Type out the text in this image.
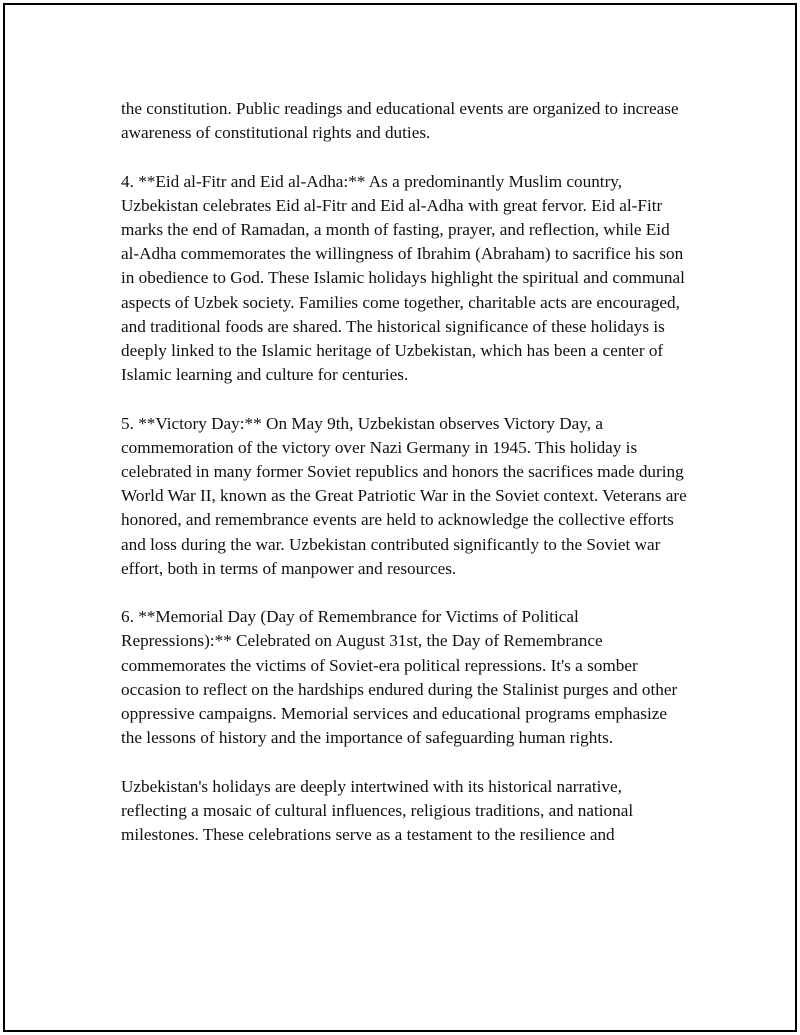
the constitution. Public readings and educational events are organized to increase awareness of constitutional rights and duties.

4. **Eid al-Fitr and Eid al-Adha:** As a predominantly Muslim country, Uzbekistan celebrates Eid al-Fitr and Eid al-Adha with great fervor. Eid al-Fitr marks the end of Ramadan, a month of fasting, prayer, and reflection, while Eid al-Adha commemorates the willingness of Ibrahim (Abraham) to sacrifice his son in obedience to God. These Islamic holidays highlight the spiritual and communal aspects of Uzbek society. Families come together, charitable acts are encouraged, and traditional foods are shared. The historical significance of these holidays is deeply linked to the Islamic heritage of Uzbekistan, which has been a center of Islamic learning and culture for centuries.

5. **Victory Day:** On May 9th, Uzbekistan observes Victory Day, a commemoration of the victory over Nazi Germany in 1945. This holiday is celebrated in many former Soviet republics and honors the sacrifices made during World War II, known as the Great Patriotic War in the Soviet context. Veterans are honored, and remembrance events are held to acknowledge the collective efforts and loss during the war. Uzbekistan contributed significantly to the Soviet war effort, both in terms of manpower and resources.

6. **Memorial Day (Day of Remembrance for Victims of Political Repressions):** Celebrated on August 31st, the Day of Remembrance commemorates the victims of Soviet-era political repressions. It's a somber occasion to reflect on the hardships endured during the Stalinist purges and other oppressive campaigns. Memorial services and educational programs emphasize the lessons of history and the importance of safeguarding human rights.

Uzbekistan's holidays are deeply intertwined with its historical narrative, reflecting a mosaic of cultural influences, religious traditions, and national milestones. These celebrations serve as a testament to the resilience and
